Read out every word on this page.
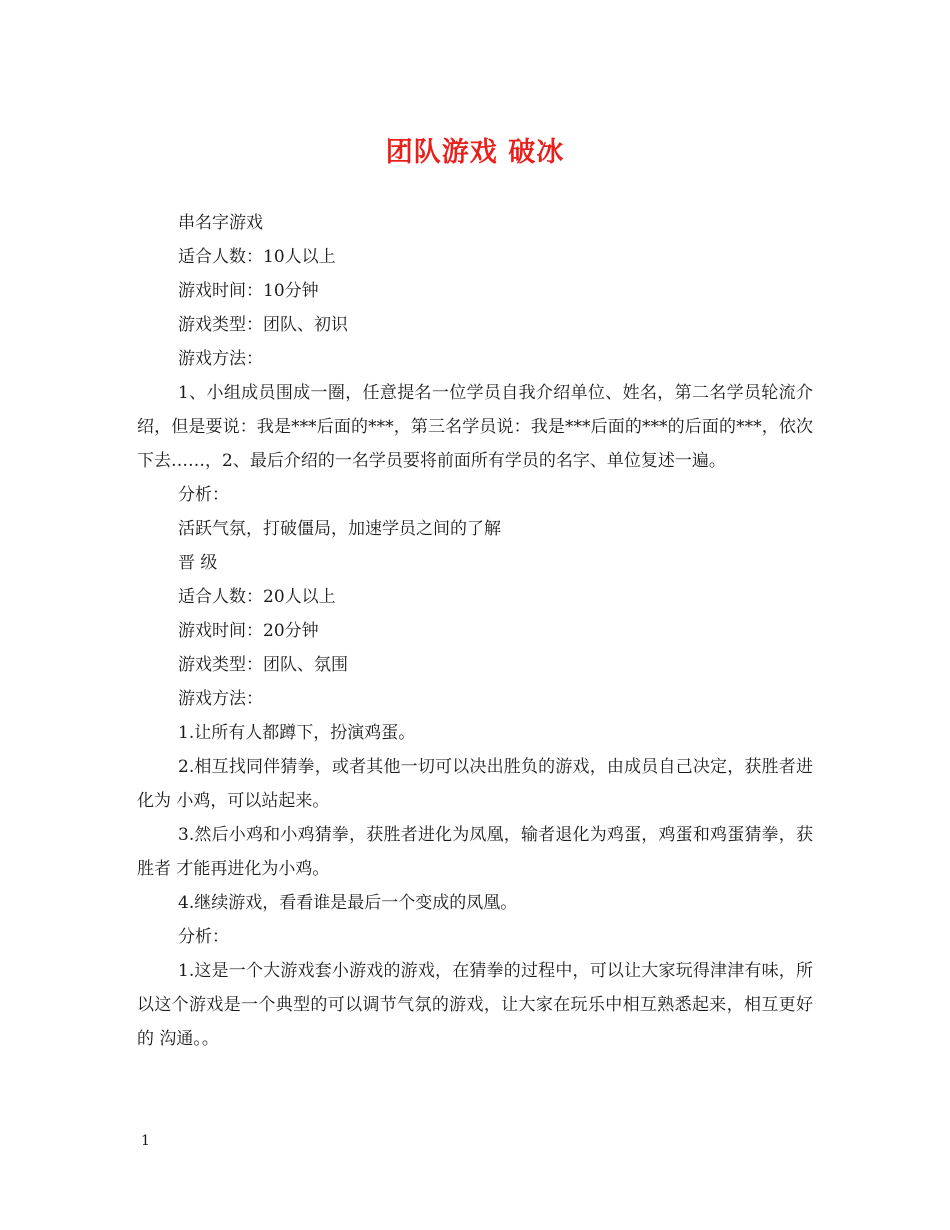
团队游戏 破冰

串名字游戏

适合人数：10人以上

游戏时间：10分钟

游戏类型：团队、初识

游戏方法：

1、小组成员围成一圈，任意提名一位学员自我介绍单位、姓名，第二名学员轮流介绍，但是要说：我是***后面的***，第三名学员说：我是***后面的***的后面的***，依次下去……，2、最后介绍的一名学员要将前面所有学员的名字、单位复述一遍。

分析：

活跃气氛，打破僵局，加速学员之间的了解

晋 级

适合人数：20人以上

游戏时间：20分钟

游戏类型：团队、氛围

游戏方法：

1.让所有人都蹲下，扮演鸡蛋。

2.相互找同伴猜拳，或者其他一切可以决出胜负的游戏，由成员自己决定，获胜者进化为 小鸡，可以站起来。

3.然后小鸡和小鸡猜拳，获胜者进化为凤凰，输者退化为鸡蛋，鸡蛋和鸡蛋猜拳，获胜者 才能再进化为小鸡。

4.继续游戏，看看谁是最后一个变成的凤凰。

分析：

1.这是一个大游戏套小游戏的游戏，在猜拳的过程中，可以让大家玩得津津有味，所以这个游戏是一个典型的可以调节气氛的游戏，让大家在玩乐中相互熟悉起来，相互更好的 沟通。。

1
